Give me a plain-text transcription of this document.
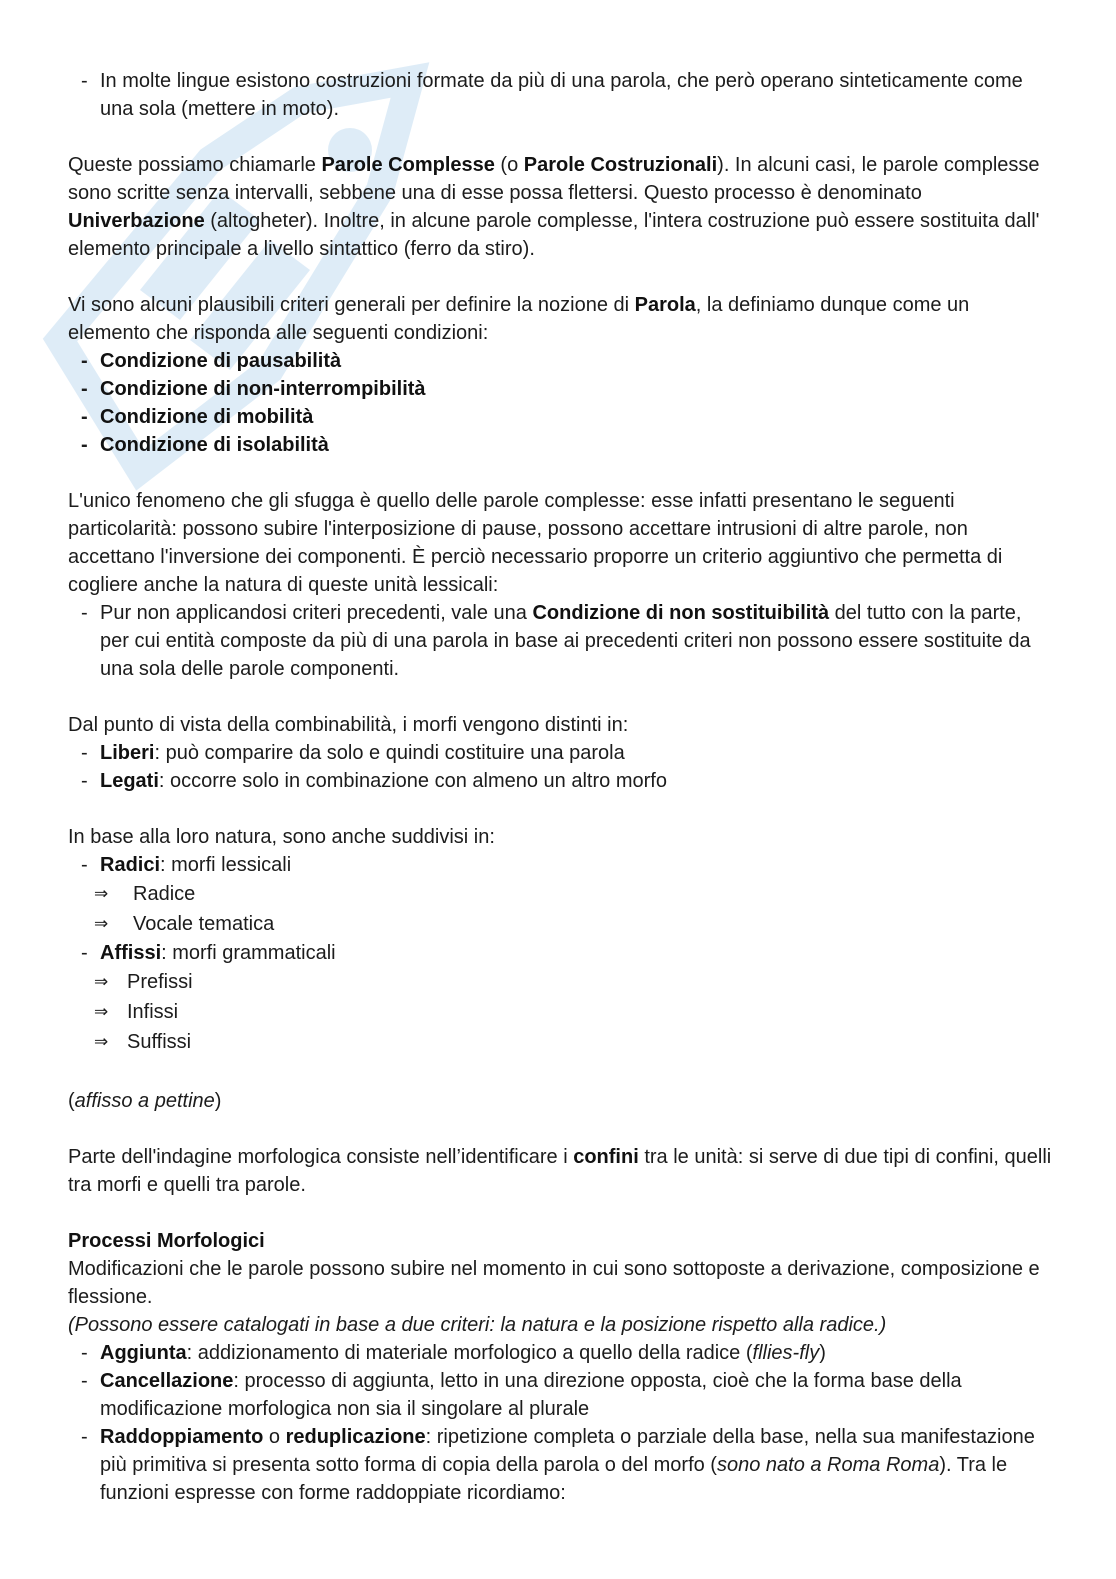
- In molte lingue esistono costruzioni formate da più di una parola, che però operano sinteticamente come una sola (mettere in moto).

Queste possiamo chiamarle Parole Complesse (o Parole Costruzionali). In alcuni casi, le parole complesse sono scritte senza intervalli, sebbene una di esse possa flettersi. Questo processo è denominato Univerbazione (altogheter). Inoltre, in alcune parole complesse, l'intera costruzione può essere sostituita dall' elemento principale a livello sintattico (ferro da stiro).

Vi sono alcuni plausibili criteri generali per definire la nozione di Parola, la definiamo dunque come un elemento che risponda alle seguenti condizioni:

- Condizione di pausabilità
- Condizione di non-interrompibilità
- Condizione di mobilità
- Condizione di isolabilità

L'unico fenomeno che gli sfugga è quello delle parole complesse: esse infatti presentano le seguenti particolarità: possono subire l'interposizione di pause, possono accettare intrusioni di altre parole, non accettano l'inversione dei componenti. È perciò necessario proporre un criterio aggiuntivo che permetta di cogliere anche la natura di queste unità lessicali:

- Pur non applicandosi criteri precedenti, vale una Condizione di non sostituibilità del tutto con la parte, per cui entità composte da più di una parola in base ai precedenti criteri non possono essere sostituite da una sola delle parole componenti.

Dal punto di vista della combinabilità, i morfi vengono distinti in:

- Liberi: può comparire da solo e quindi costituire una parola
- Legati: occorre solo in combinazione con almeno un altro morfo

In base alla loro natura, sono anche suddivisi in:

- Radici: morfi lessicali
⇒ Radice
⇒ Vocale tematica
- Affissi: morfi grammaticali
⇒ Prefissi
⇒ Infissi
⇒ Suffissi

(affisso a pettine)

Parte dell'indagine morfologica consiste nell’identificare i confini tra le unità: si serve di due tipi di confini, quelli tra morfi e quelli tra parole.

Processi Morfologici

Modificazioni che le parole possono subire nel momento in cui sono sottoposte a derivazione, composizione e flessione.

(Possono essere catalogati in base a due criteri: la natura e la posizione rispetto alla radice.)

- Aggiunta: addizionamento di materiale morfologico a quello della radice (fllies-fly)
- Cancellazione: processo di aggiunta, letto in una direzione opposta, cioè che la forma base della modificazione morfologica non sia il singolare al plurale
- Raddoppiamento o reduplicazione: ripetizione completa o parziale della base, nella sua manifestazione più primitiva si presenta sotto forma di copia della parola o del morfo (sono nato a Roma Roma). Tra le funzioni espresse con forme raddoppiate ricordiamo:
